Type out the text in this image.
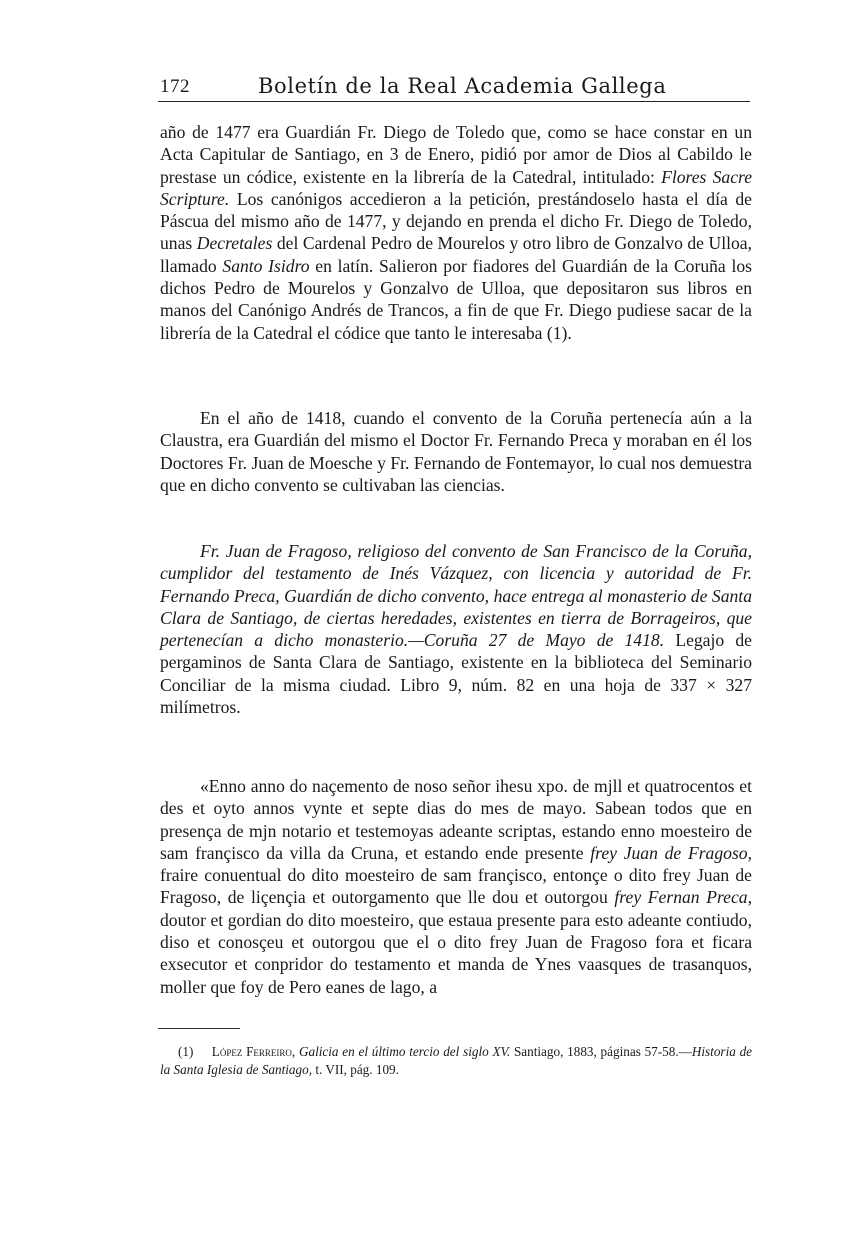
172	Boletín de la Real Academia Gallega

año de 1477 era Guardián Fr. Diego de Toledo que, como se hace constar en un Acta Capitular de Santiago, en 3 de Enero, pidió por amor de Dios al Cabildo le prestase un códice, existente en la librería de la Catedral, intitulado: Flores Sacre Scripture. Los canónigos accedieron a la petición, prestándoselo hasta el día de Páscua del mismo año de 1477, y dejando en prenda el dicho Fr. Diego de Toledo, unas Decretales del Cardenal Pedro de Mourelos y otro libro de Gonzalvo de Ulloa, llamado Santo Isidro en latín. Salieron por fiadores del Guardián de la Coruña los dichos Pedro de Mourelos y Gonzalvo de Ulloa, que depositaron sus libros en manos del Canónigo Andrés de Trancos, a fin de que Fr. Diego pudiese sacar de la librería de la Catedral el códice que tanto le interesaba (1).

En el año de 1418, cuando el convento de la Coruña pertenecía aún a la Claustra, era Guardián del mismo el Doctor Fr. Fernando Preca y moraban en él los Doctores Fr. Juan de Moesche y Fr. Fernando de Fontemayor, lo cual nos demuestra que en dicho convento se cultivaban las ciencias.

Fr. Juan de Fragoso, religioso del convento de San Francisco de la Coruña, cumplidor del testamento de Inés Vázquez, con licencia y autoridad de Fr. Fernando Preca, Guardián de dicho convento, hace entrega al monasterio de Santa Clara de Santiago, de ciertas heredades, existentes en tierra de Borrageiros, que pertenecían a dicho monasterio.—Coruña 27 de Mayo de 1418. Legajo de pergaminos de Santa Clara de Santiago, existente en la biblioteca del Seminario Conciliar de la misma ciudad. Libro 9, núm. 82 en una hoja de 337 × 327 milímetros.

«Enno anno do naçemento de noso señor ihesu xpo. de mjll et quatrocentos et des et oyto annos vynte et septe dias do mes de mayo. Sabean todos que en presença de mjn notario et testemoyas adeante scriptas, estando enno moesteiro de sam françisco da villa da Cruna, et estando ende presente frey Juan de Fragoso, fraire conuentual do dito moesteiro de sam françisco, entonçe o dito frey Juan de Fragoso, de liçençia et outorgamento que lle dou et outorgou frey Fernan Preca, doutor et gordian do dito moesteiro, que estaua presente para esto adeante contiudo, diso et conosçeu et outorgou que el o dito frey Juan de Fragoso fora et ficara exsecutor et conpridor do testamento et manda de Ynes vaasques de trasanquos, moller que foy de Pero eanes de lago, a

(1) López Ferreiro, Galicia en el último tercio del siglo XV. Santiago, 1883, páginas 57-58.—Historia de la Santa Iglesia de Santiago, t. VII, pág. 109.
